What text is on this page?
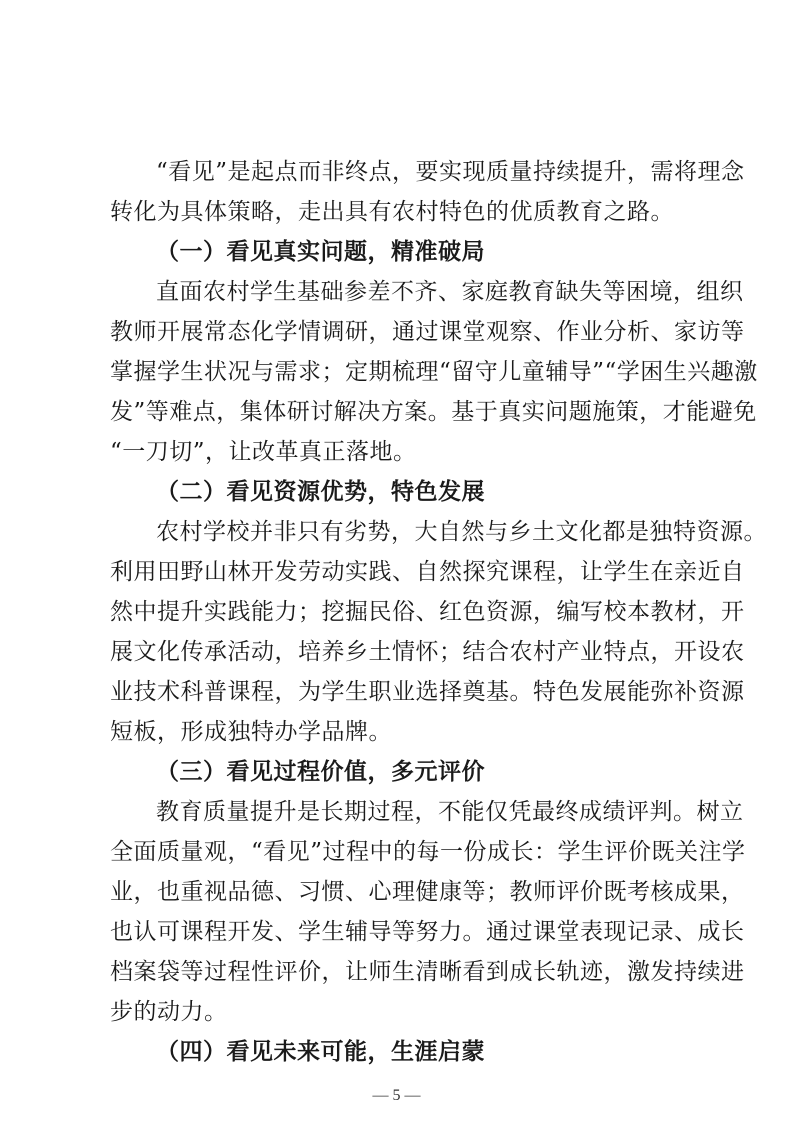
“看见”是起点而非终点，要实现质量持续提升，需将理念
转化为具体策略，走出具有农村特色的优质教育之路。
（一）看见真实问题，精准破局
直面农村学生基础参差不齐、家庭教育缺失等困境，组织
教师开展常态化学情调研，通过课堂观察、作业分析、家访等
掌握学生状况与需求；定期梳理“留守儿童辅导”“学困生兴趣激
发”等难点，集体研讨解决方案。基于真实问题施策，才能避免
“一刀切”，让改革真正落地。
（二）看见资源优势，特色发展
农村学校并非只有劣势，大自然与乡土文化都是独特资源。
利用田野山林开发劳动实践、自然探究课程，让学生在亲近自
然中提升实践能力；挖掘民俗、红色资源，编写校本教材，开
展文化传承活动，培养乡土情怀；结合农村产业特点，开设农
业技术科普课程，为学生职业选择奠基。特色发展能弥补资源
短板，形成独特办学品牌。
（三）看见过程价值，多元评价
教育质量提升是长期过程，不能仅凭最终成绩评判。树立
全面质量观，“看见”过程中的每一份成长：学生评价既关注学
业，也重视品德、习惯、心理健康等；教师评价既考核成果，
也认可课程开发、学生辅导等努力。通过课堂表现记录、成长
档案袋等过程性评价，让师生清晰看到成长轨迹，激发持续进
步的动力。
（四）看见未来可能，生涯启蒙
— 5 —
